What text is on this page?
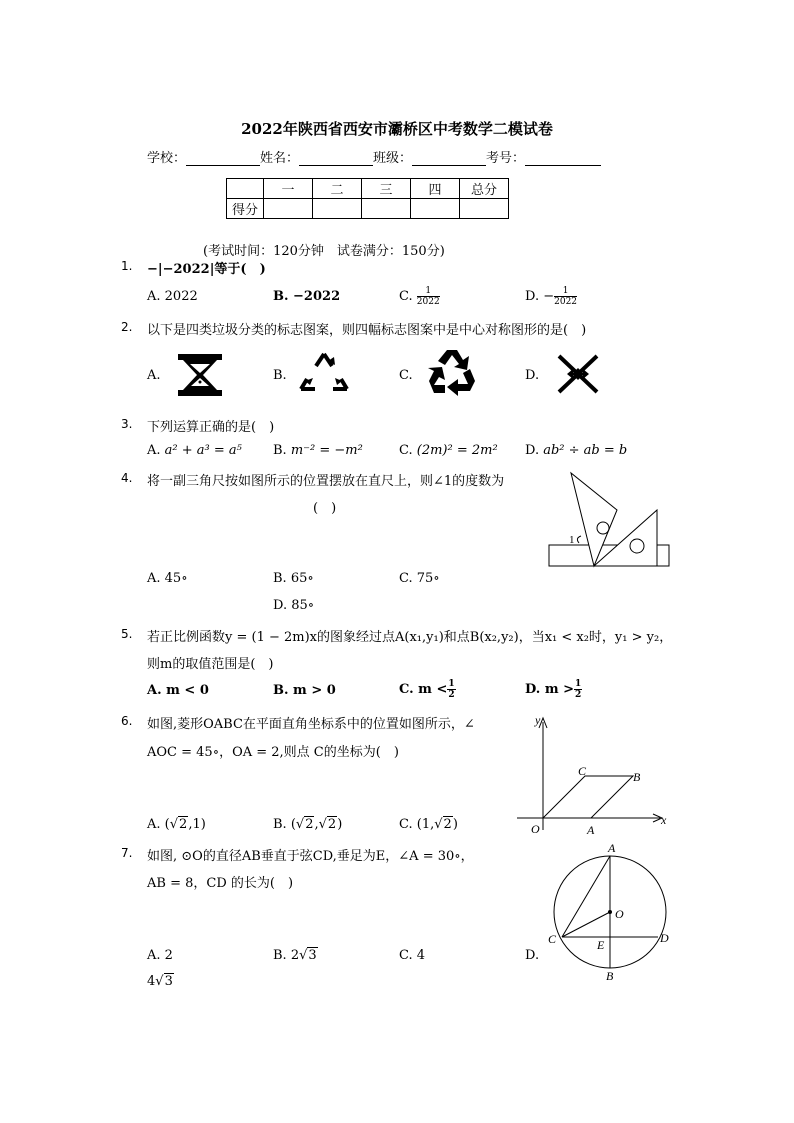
2022年陕西省西安市灞桥区中考数学二模试卷
学校：	姓名：	班级：	考号：
	一	二	三	四	总分
得分					
(考试时间：120分钟　试卷满分：150分)
1. −|−2022|等于(　)
A. 2022	B. −2022	C. $\frac{1}{2022}$	D. − $\frac{1}{2022}$
2. 以下是四类垃圾分类的标志图案，则四幅标志图案中是中心对称图形的是(　)
A.	B.	C.	D.
3. 下列运算正确的是(　)
A. a² + a³ = a⁵ B. m⁻² = −m²	C. (2m)² = 2m² D. ab² ÷ ab = b
4. 将一副三角尺按如图所示的位置摆放在直尺上，则∠1的度数为
(　)
A. 45∘	B. 65∘	C. 75∘
D. 85∘
1
5. 若正比例函数y = (1 − 2m)x的图象经过点A(x₁,y₁)和点B(x₂,y₂)，当x₁ < x₂时，y₁ > y₂，
则m的取值范围是(　)
A. m < 0	B. m > 0	C. $m < \frac{1}{2}$	D. $m > \frac{1}{2}$
6. 如图,菱形OABC在平面直角坐标系中的位置如图所示，∠
AOC = 45∘，OA = 2,则点 C的坐标为(　)
A. (√2,1)	B. (√2,√2)	C. (1,√2)
y
x
O	A
B
C
7. 如图, ⊙O的直径AB垂直于弦CD,垂足为E，∠A = 30∘，
AB = 8，CD 的长为(　)
A. 2	B. 2√3	C. 4	D.
4√3
A
B
C	D
E
O
